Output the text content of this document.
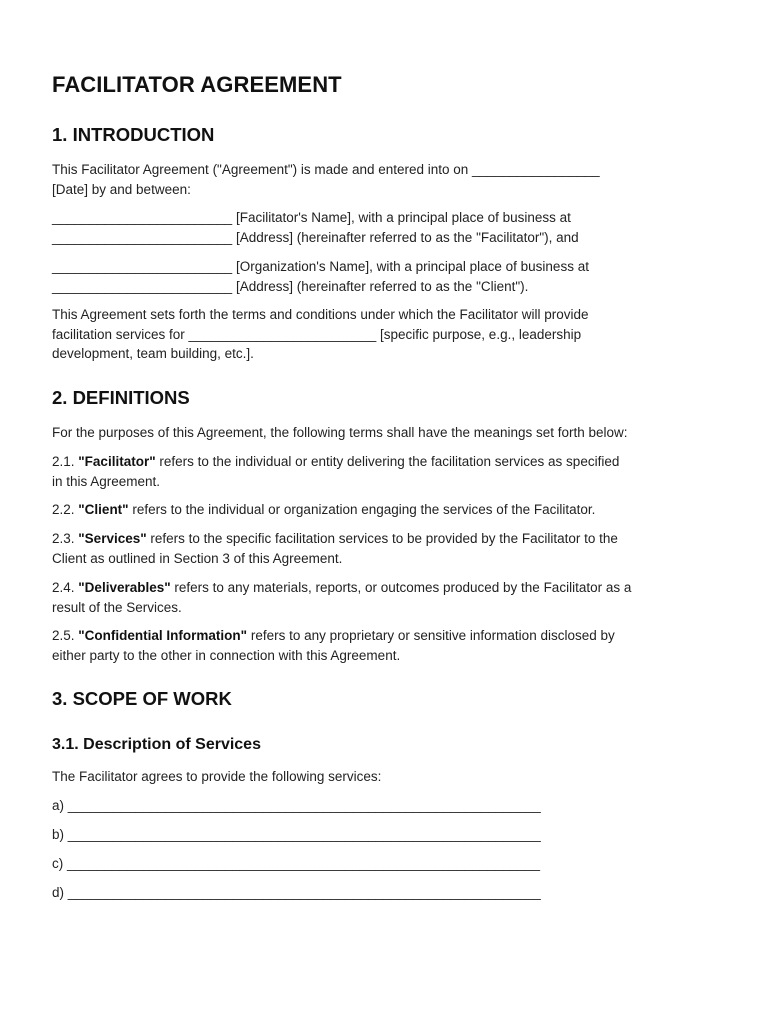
FACILITATOR AGREEMENT
1. INTRODUCTION

This Facilitator Agreement ("Agreement") is made and entered into on _________________
[Date] by and between:

________________________ [Facilitator's Name], with a principal place of business at
________________________ [Address] (hereinafter referred to as the "Facilitator"), and

________________________ [Organization's Name], with a principal place of business at
________________________ [Address] (hereinafter referred to as the "Client").

This Agreement sets forth the terms and conditions under which the Facilitator will provide
facilitation services for _________________________ [specific purpose, e.g., leadership
development, team building, etc.].

2. DEFINITIONS

For the purposes of this Agreement, the following terms shall have the meanings set forth below:

2.1. "Facilitator" refers to the individual or entity delivering the facilitation services as specified
in this Agreement.

2.2. "Client" refers to the individual or organization engaging the services of the Facilitator.

2.3. "Services" refers to the specific facilitation services to be provided by the Facilitator to the
Client as outlined in Section 3 of this Agreement.

2.4. "Deliverables" refers to any materials, reports, or outcomes produced by the Facilitator as a
result of the Services.

2.5. "Confidential Information" refers to any proprietary or sensitive information disclosed by
either party to the other in connection with this Agreement.

3. SCOPE OF WORK
3.1. Description of Services

The Facilitator agrees to provide the following services:

a) _______________________________________________________________

b) _______________________________________________________________

c) _______________________________________________________________

d) _______________________________________________________________
